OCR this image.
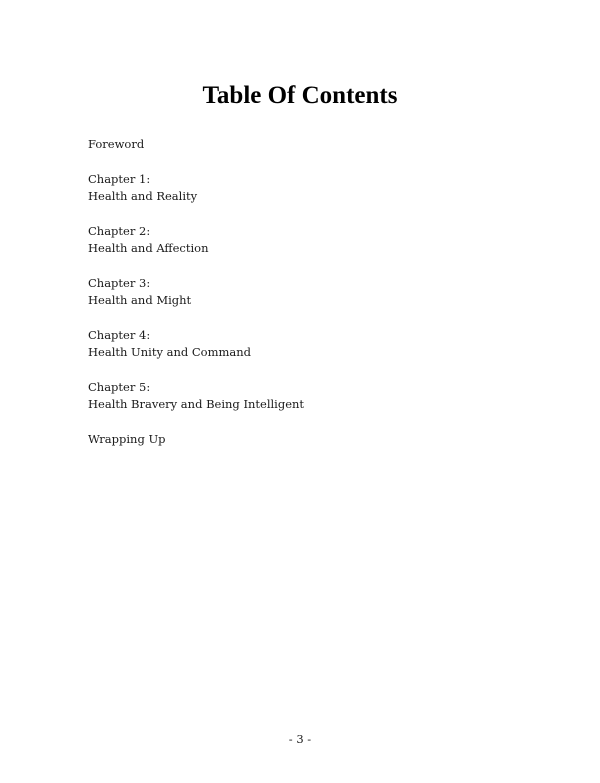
Table Of Contents
Foreword
Chapter 1:
Health and Reality
Chapter 2:
Health and Affection
Chapter 3:
Health and Might
Chapter 4:
Health Unity and Command
Chapter 5:
Health Bravery and Being Intelligent
Wrapping Up
- 3 -
